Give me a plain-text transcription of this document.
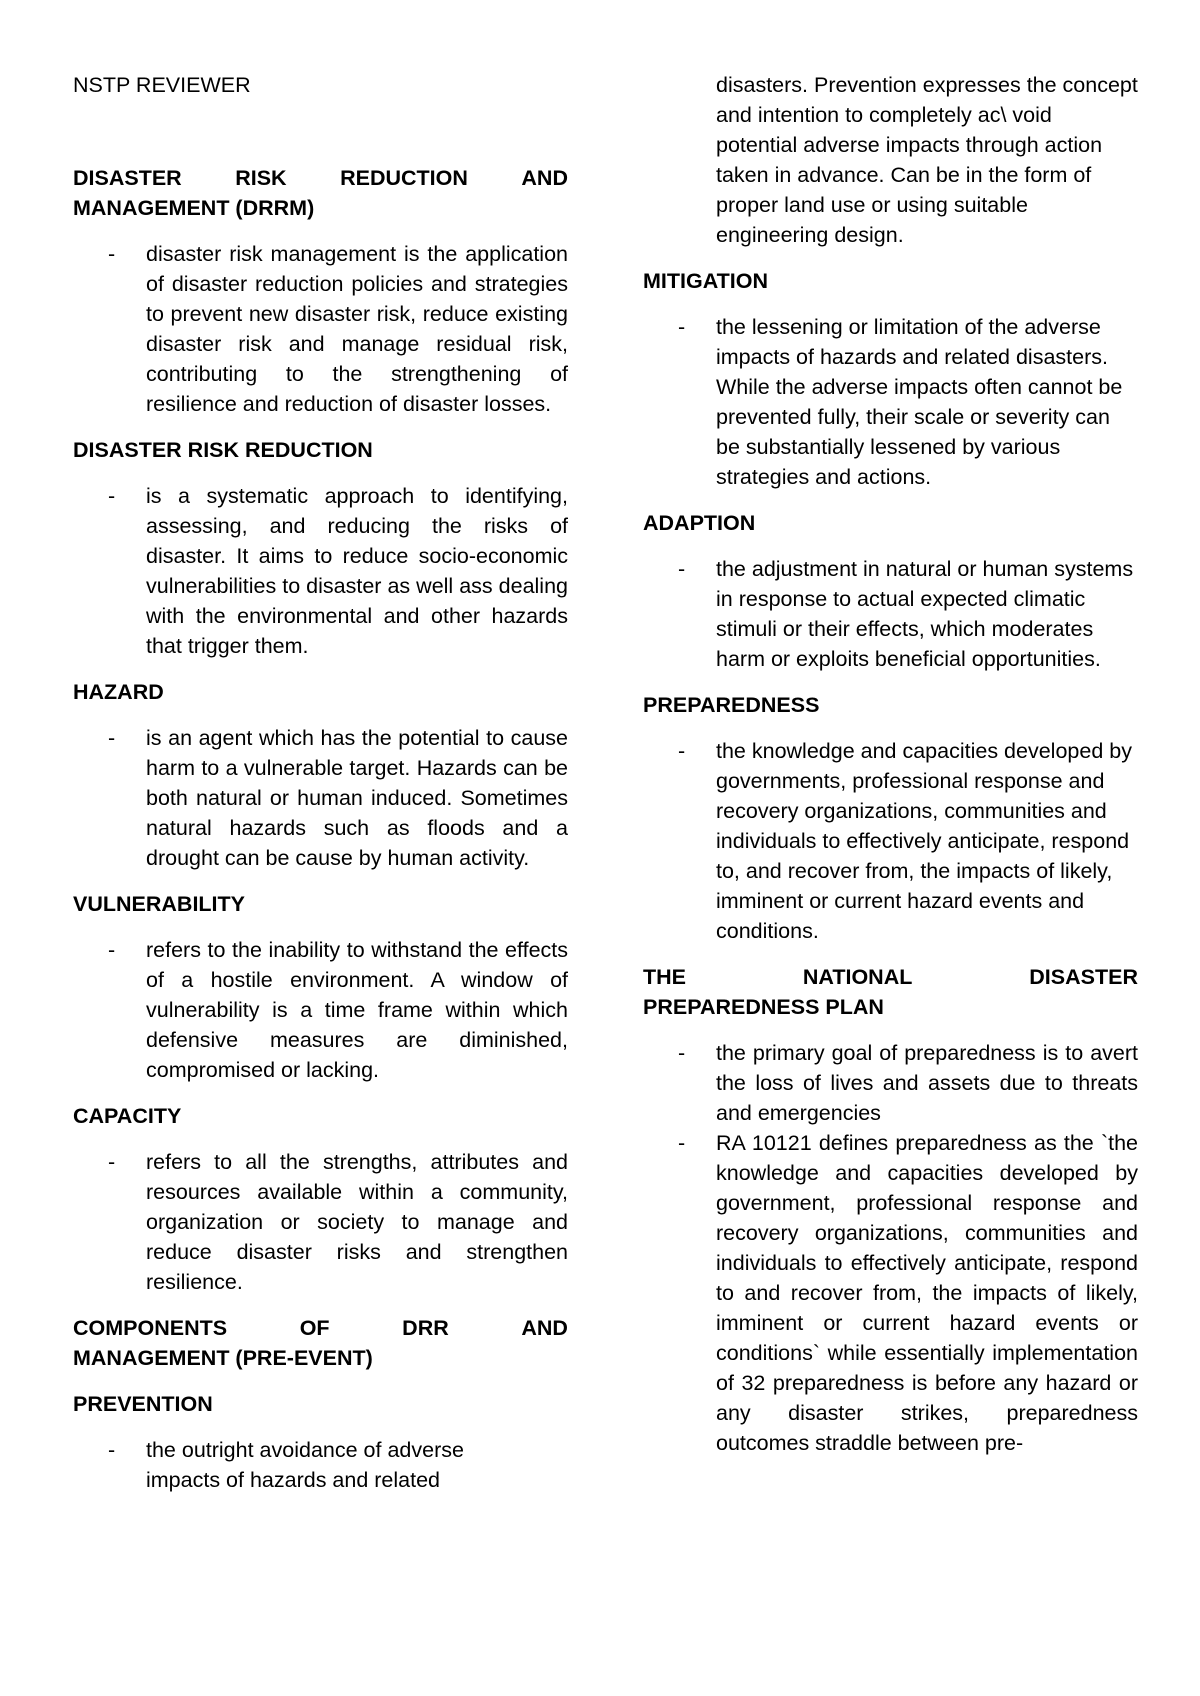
NSTP REVIEWER
DISASTER RISK REDUCTION AND
MANAGEMENT (DRRM)
- disaster risk management is the application of disaster reduction policies and strategies to prevent new disaster risk, reduce existing disaster risk and manage residual risk, contributing to the strengthening of resilience and reduction of disaster losses.
DISASTER RISK REDUCTION
- is a systematic approach to identifying, assessing, and reducing the risks of disaster. It aims to reduce socio-economic vulnerabilities to disaster as well ass dealing with the environmental and other hazards that trigger them.
HAZARD
- is an agent which has the potential to cause harm to a vulnerable target. Hazards can be both natural or human induced. Sometimes natural hazards such as floods and a drought can be cause by human activity.
VULNERABILITY
- refers to the inability to withstand the effects of a hostile environment. A window of vulnerability is a time frame within which defensive measures are diminished, compromised or lacking.
CAPACITY
- refers to all the strengths, attributes and resources available within a community, organization or society to manage and reduce disaster risks and strengthen resilience.
COMPONENTS	OF	DRR	AND
MANAGEMENT (PRE-EVENT)
PREVENTION
- the outright avoidance of adverse impacts of hazards and related
disasters. Prevention expresses the concept and intention to completely ac\ void potential adverse impacts through action taken in advance. Can be in the form of proper land use or using suitable engineering design.
MITIGATION
- the lessening or limitation of the adverse impacts of hazards and related disasters. While the adverse impacts often cannot be prevented fully, their scale or severity can be substantially lessened by various strategies and actions.
ADAPTION
- the adjustment in natural or human systems in response to actual expected climatic stimuli or their effects, which moderates harm or exploits beneficial opportunities.
PREPAREDNESS
- the knowledge and capacities developed by governments, professional response and recovery organizations, communities and individuals to effectively anticipate, respond to, and recover from, the impacts of likely, imminent or current hazard events and conditions.
THE	NATIONAL	DISASTER
PREPAREDNESS PLAN
- the primary goal of preparedness is to avert the loss of lives and assets due to threats and emergencies
- RA 10121 defines preparedness as the `the knowledge and capacities developed by government, professional response and recovery organizations, communities and individuals to effectively anticipate, respond to and recover from, the impacts of likely, imminent or current hazard events or conditions` while essentially implementation of 32 preparedness is before any hazard or any disaster strikes, preparedness outcomes straddle between pre-
